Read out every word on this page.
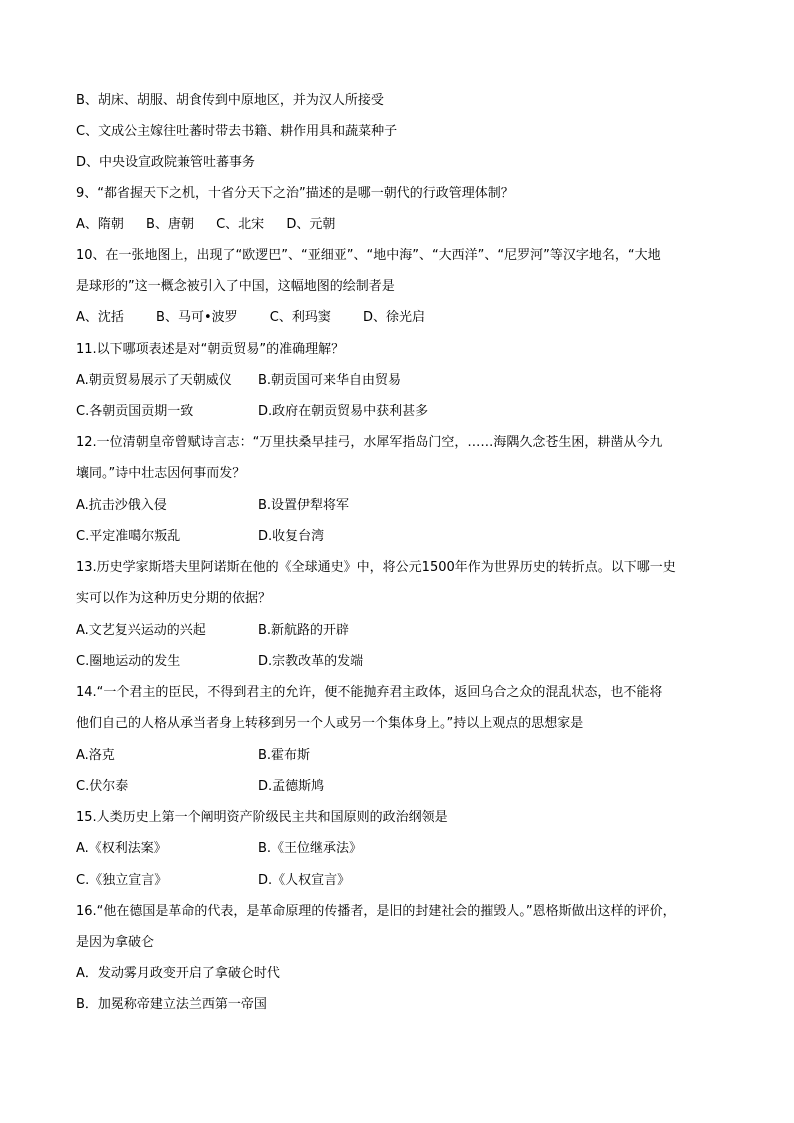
B、胡床、胡服、胡食传到中原地区，并为汉人所接受
C、文成公主嫁往吐蕃时带去书籍、耕作用具和蔬菜种子
D、中央设宣政院兼管吐蕃事务
9、“都省握天下之机，十省分天下之治”描述的是哪一朝代的行政管理体制？
A、隋朝 B、唐朝 C、北宋 D、元朝
10、在一张地图上，出现了“欧逻巴”、“亚细亚”、“地中海”、“大西洋”、“尼罗河”等汉字地名，“大地
是球形的”这一概念被引入了中国，这幅地图的绘制者是
A、沈括 B、马可•波罗 C、利玛窦 D、徐光启
11.以下哪项表述是对“朝贡贸易”的准确理解？
A.朝贡贸易展示了天朝威仪 B.朝贡国可来华自由贸易
C.各朝贡国贡期一致	D.政府在朝贡贸易中获利甚多
12.一位清朝皇帝曾赋诗言志：“万里扶桑早挂弓，水犀军指岛门空，……海隅久念苍生困，耕凿从今九
壤同。”诗中壮志因何事而发？
A.抗击沙俄入侵	B.设置伊犁将军
C.平定准噶尔叛乱	D.收复台湾
13.历史学家斯塔夫里阿诺斯在他的《全球通史》中，将公元1500年作为世界历史的转折点。以下哪一史
实可以作为这种历史分期的依据？
A.文艺复兴运动的兴起	B.新航路的开辟
C.圈地运动的发生	D.宗教改革的发端
14.“一个君主的臣民，不得到君主的允许，便不能抛弃君主政体，返回乌合之众的混乱状态，也不能将
他们自己的人格从承当者身上转移到另一个人或另一个集体身上。”持以上观点的思想家是
A.洛克	B.霍布斯
C.伏尔泰	D.孟德斯鸠
15.人类历史上第一个阐明资产阶级民主共和国原则的政治纲领是
A.《权利法案》	B.《王位继承法》
C.《独立宣言》	D.《人权宣言》
16.“他在德国是革命的代表，是革命原理的传播者，是旧的封建社会的摧毁人。”恩格斯做出这样的评价，
是因为拿破仑
A．发动雾月政变开启了拿破仑时代
B．加冕称帝建立法兰西第一帝国
